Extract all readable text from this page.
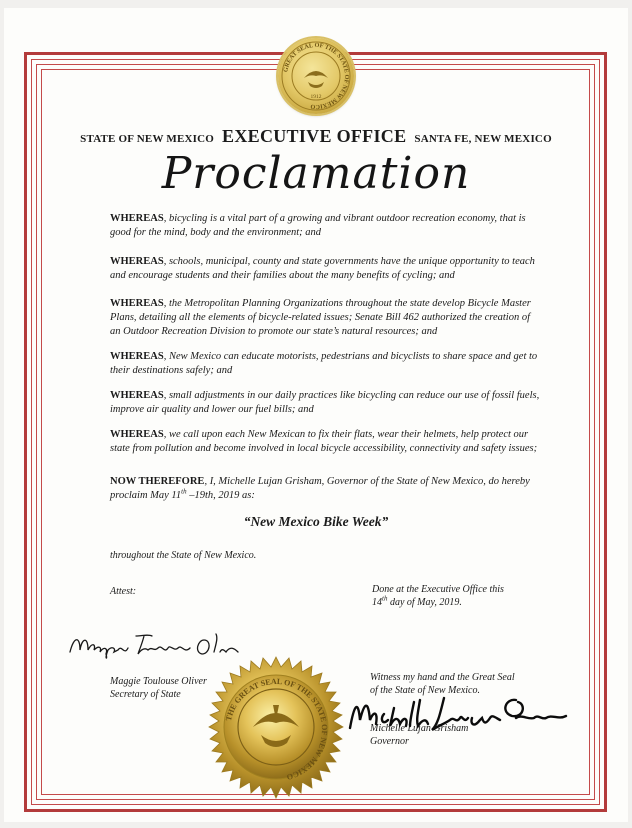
GREAT SEAL OF THE STATE OF NEW MEXICO
1912
STATE OF NEW MEXICO EXECUTIVE OFFICE SANTA FE, NEW MEXICO
Proclamation
WHEREAS, bicycling is a vital part of a growing and vibrant outdoor recreation economy, that is good for the mind, body and the environment; and
WHEREAS, schools, municipal, county and state governments have the unique opportunity to teach and encourage students and their families about the many benefits of cycling; and
WHEREAS, the Metropolitan Planning Organizations throughout the state develop Bicycle Master Plans, detailing all the elements of bicycle-related issues; Senate Bill 462 authorized the creation of an Outdoor Recreation Division to promote our state’s natural resources; and
WHEREAS, New Mexico can educate motorists, pedestrians and bicyclists to share space and get to their destinations safely; and
WHEREAS, small adjustments in our daily practices like bicycling can reduce our use of fossil fuels, improve air quality and lower our fuel bills; and
WHEREAS, we call upon each New Mexican to fix their flats, wear their helmets, help protect our state from pollution and become involved in local bicycle accessibility, connectivity and safety issues;
NOW THEREFORE, I, Michelle Lujan Grisham, Governor of the State of New Mexico, do hereby proclaim May 11th –19th, 2019 as:
“New Mexico Bike Week”
throughout the State of New Mexico.
Attest:	Done at the Executive Office this
14th day of May, 2019.
Maggie Toulouse Oliver
Secretary of State
Witness my hand and the Great Seal
of the State of New Mexico.
Michelle Lujan Grisham
Governor
THE GREAT SEAL OF THE STATE OF NEW MEXICO
